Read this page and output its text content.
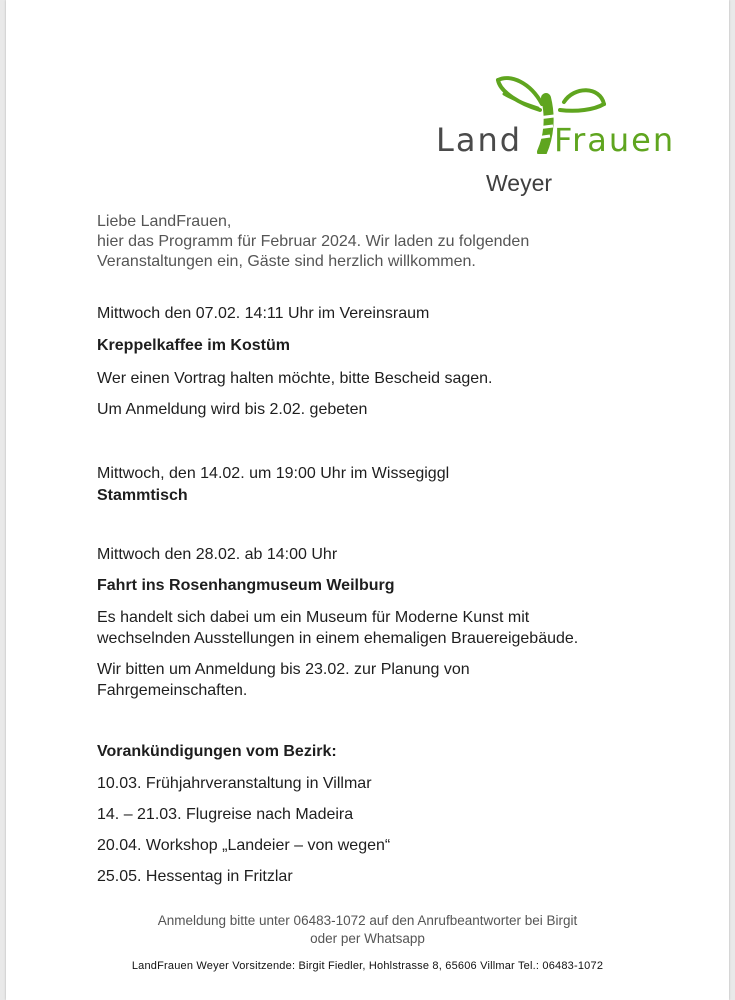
Land Frauen
Weyer
Liebe LandFrauen,
hier das Programm für Februar 2024. Wir laden zu folgenden
Veranstaltungen ein, Gäste sind herzlich willkommen.
Mittwoch den 07.02. 14:11 Uhr im Vereinsraum
Kreppelkaffee im Kostüm
Wer einen Vortrag halten möchte, bitte Bescheid sagen.
Um Anmeldung wird bis 2.02. gebeten
Mittwoch, den 14.02. um 19:00 Uhr im Wissegiggl
Stammtisch
Mittwoch den 28.02. ab 14:00 Uhr
Fahrt ins Rosenhangmuseum Weilburg
Es handelt sich dabei um ein Museum für Moderne Kunst mit
wechselnden Ausstellungen in einem ehemaligen Brauereigebäude.
Wir bitten um Anmeldung bis 23.02. zur Planung von
Fahrgemeinschaften.
Vorankündigungen vom Bezirk:
10.03. Frühjahrveranstaltung in Villmar
14. – 21.03. Flugreise nach Madeira
20.04. Workshop „Landeier – von wegen“
25.05. Hessentag in Fritzlar
Anmeldung bitte unter 06483-1072 auf den Anrufbeantworter bei Birgit
oder per Whatsapp
LandFrauen Weyer Vorsitzende: Birgit Fiedler, Hohlstrasse 8, 65606 Villmar Tel.: 06483-1072
